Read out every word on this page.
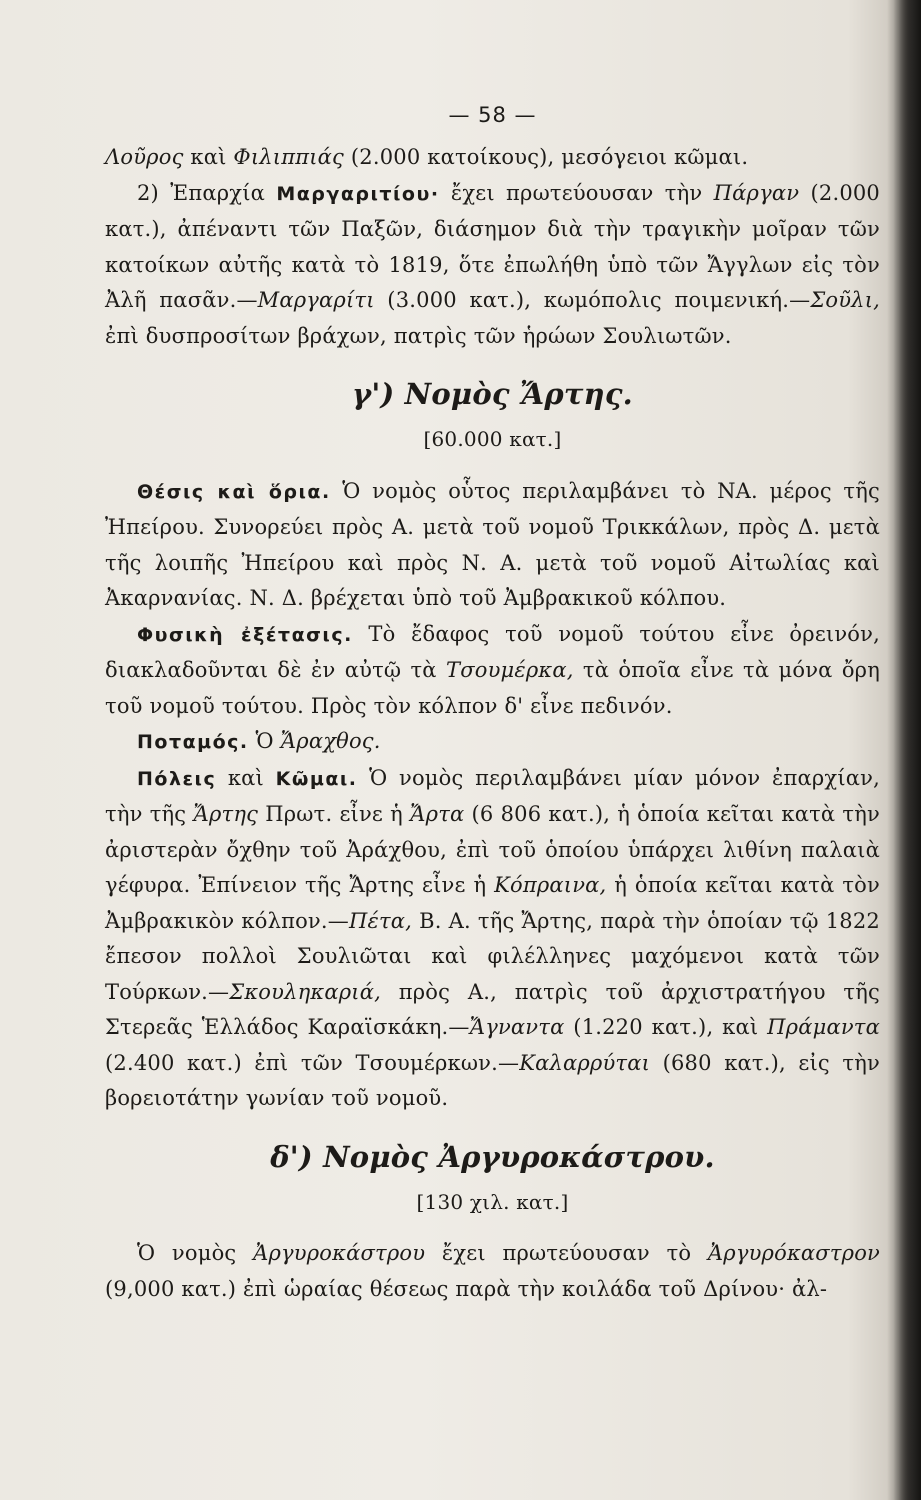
— 58 —

Λοῦρος καὶ Φιλιππιάς (2.000 κατοίκους), μεσόγειοι κῶμαι.

2) Ἐπαρχία Μαργαριτίου· ἔχει πρωτεύουσαν τὴν Πάργαν (2.000 κατ.), ἀπέναντι τῶν Παξῶν, διάσημον διὰ τὴν τραγικὴν μοῖραν τῶν κατοίκων αὐτῆς κατὰ τὸ 1819, ὅτε ἐπωλήθη ὑπὸ τῶν Ἄγγλων εἰς τὸν Ἀλῆ πασᾶν.—Μαργαρίτι (3.000 κατ.), κωμόπολις ποιμενική.—Σοῦλι, ἐπὶ δυσπροσίτων βράχων, πατρὶς τῶν ἡρώων Σουλιωτῶν.

γ') Νομὸς Ἄρτης.
[60.000 κατ.]

Θέσις καὶ ὅρια. Ὁ νομὸς οὗτος περιλαμβάνει τὸ ΝΑ. μέρος τῆς Ἠπείρου. Συνορεύει πρὸς Α. μετὰ τοῦ νομοῦ Τρικκάλων, πρὸς Δ. μετὰ τῆς λοιπῆς Ἠπείρου καὶ πρὸς Ν. Α. μετὰ τοῦ νομοῦ Αἰτωλίας καὶ Ἀκαρνανίας. Ν. Δ. βρέχεται ὑπὸ τοῦ Ἀμβρακικοῦ κόλπου.

Φυσικὴ ἐξέτασις. Τὸ ἔδαφος τοῦ νομοῦ τούτου εἶνε ὀρεινόν, διακλαδοῦνται δὲ ἐν αὐτῷ τὰ Τσουμέρκα, τὰ ὁποῖα εἶνε τὰ μόνα ὄρη τοῦ νομοῦ τούτου. Πρὸς τὸν κόλπον δ' εἶνε πεδινόν.

Ποταμός. Ὁ Ἄραχθος.

Πόλεις καὶ Κῶμαι. Ὁ νομὸς περιλαμβάνει μίαν μόνον ἐπαρχίαν, τὴν τῆς Ἄρτης Πρωτ. εἶνε ἡ Ἄρτα (6 806 κατ.), ἡ ὁποία κεῖται κατὰ τὴν ἀριστερὰν ὄχθην τοῦ Ἀράχθου, ἐπὶ τοῦ ὁποίου ὑπάρχει λιθίνη παλαιὰ γέφυρα. Ἐπίνειον τῆς Ἄρτης εἶνε ἡ Κόπραινα, ἡ ὁποία κεῖται κατὰ τὸν Ἀμβρακικὸν κόλπον.—Πέτα, Β. Α. τῆς Ἄρτης, παρὰ τὴν ὁποίαν τῷ 1822 ἔπεσον πολλοὶ Σουλιῶται καὶ φιλέλληνες μαχόμενοι κατὰ τῶν Τούρκων.—Σκουληκαριά, πρὸς Α., πατρὶς τοῦ ἀρχιστρατήγου τῆς Στερεᾶς Ἑλλάδος Καραϊσκάκη.—Ἄγναντα (1.220 κατ.), καὶ Πράμαντα (2.400 κατ.) ἐπὶ τῶν Τσουμέρκων.—Καλαρρύται (680 κατ.), εἰς τὴν βορειοτάτην γωνίαν τοῦ νομοῦ.

δ') Νομὸς Ἀργυροκάστρου.
[130 χιλ. κατ.]

Ὁ νομὸς Ἀργυροκάστρου ἔχει πρωτεύουσαν τὸ Ἀργυρόκαστρον (9,000 κατ.) ἐπὶ ὡραίας θέσεως παρὰ τὴν κοιλάδα τοῦ Δρίνου· ἀλ-
